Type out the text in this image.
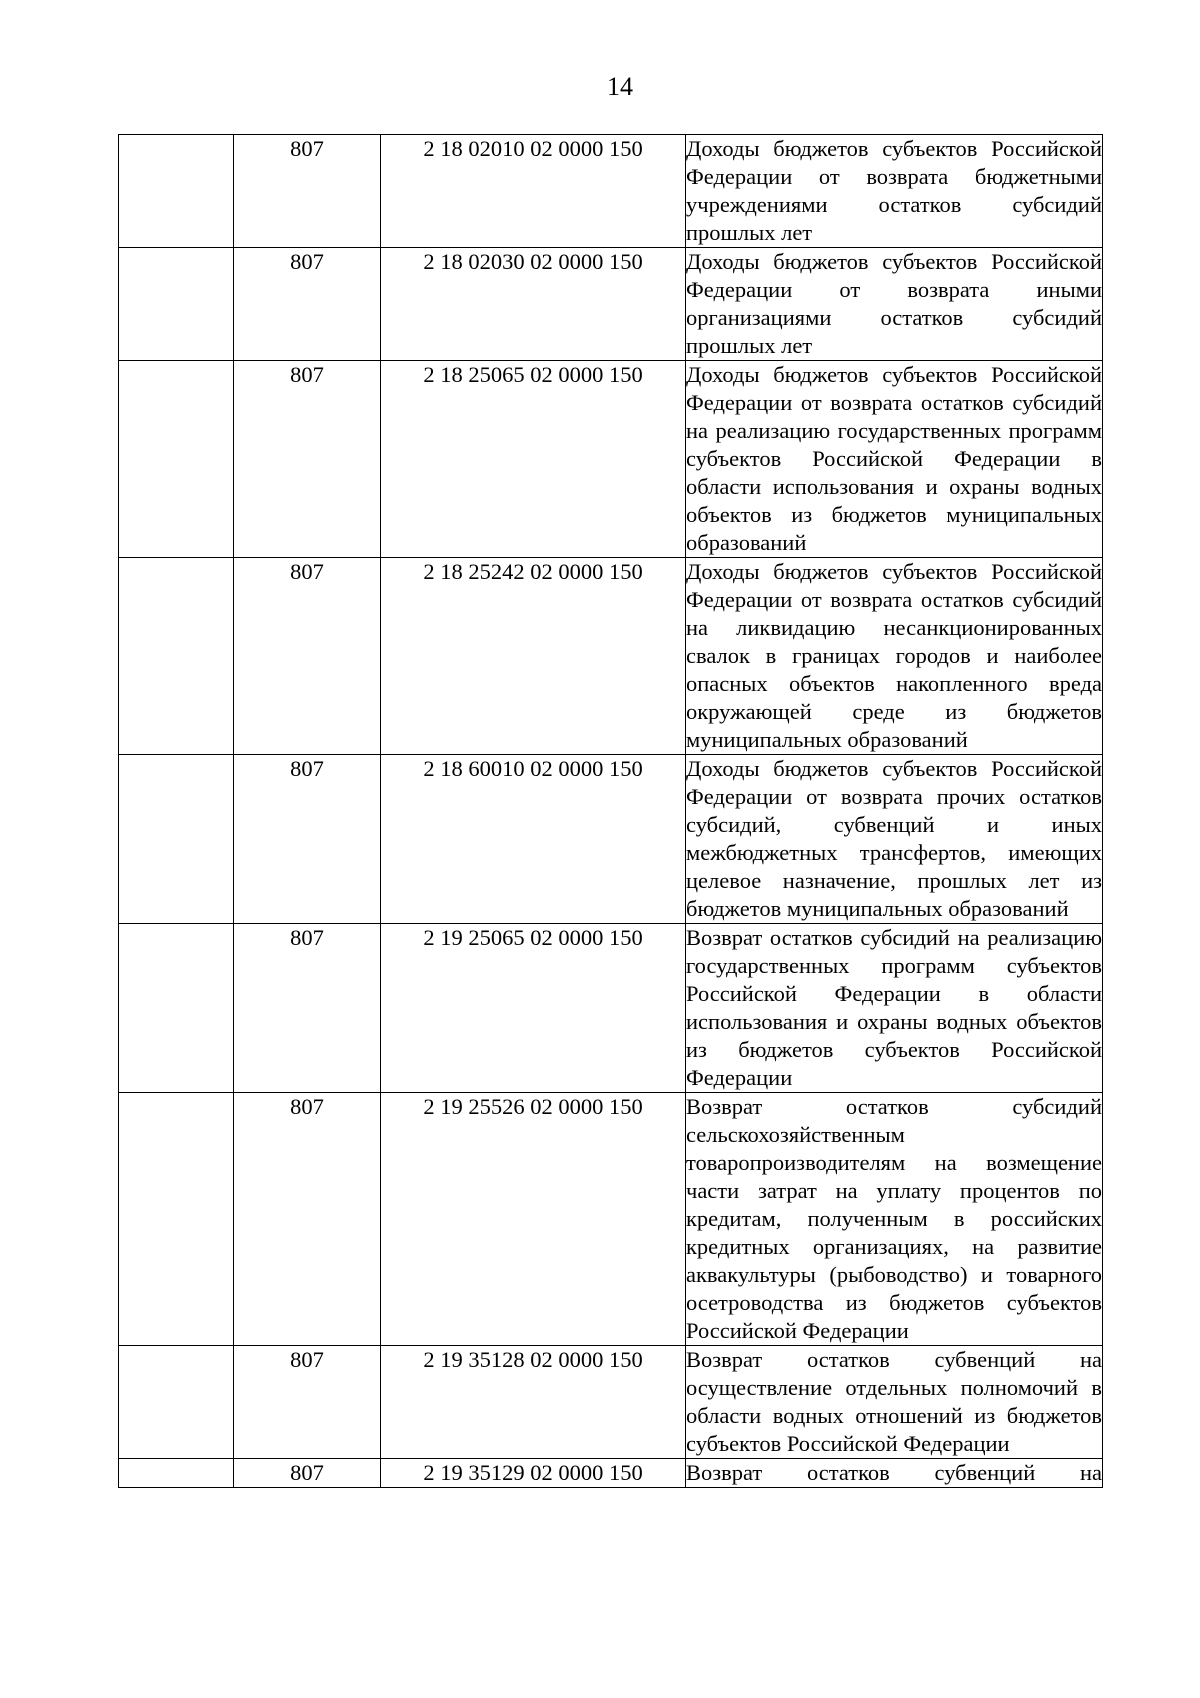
14
	807	2 18 02010 02 0000 150	Доходы бюджетов субъектов Российской Федерации от возврата бюджетными учреждениями остатков субсидий прошлых лет
	807	2 18 02030 02 0000 150	Доходы бюджетов субъектов Российской Федерации от возврата иными организациями остатков субсидий прошлых лет
	807	2 18 25065 02 0000 150	Доходы бюджетов субъектов Российской Федерации от возврата остатков субсидий на реализацию государственных программ субъектов Российской Федерации в области использования и охраны водных объектов из бюджетов муниципальных образований
	807	2 18 25242 02 0000 150	Доходы бюджетов субъектов Российской Федерации от возврата остатков субсидий на ликвидацию несанкционированных свалок в границах городов и наиболее опасных объектов накопленного вреда окружающей среде из бюджетов муниципальных образований
	807	2 18 60010 02 0000 150	Доходы бюджетов субъектов Российской Федерации от возврата прочих остатков субсидий, субвенций и иных межбюджетных трансфертов, имеющих целевое назначение, прошлых лет из бюджетов муниципальных образований
	807	2 19 25065 02 0000 150	Возврат остатков субсидий на реализацию государственных программ субъектов Российской Федерации в области использования и охраны водных объектов из бюджетов субъектов Российской Федерации
	807	2 19 25526 02 0000 150	Возврат остатков субсидий сельскохозяйственным товаропроизводителям на возмещение части затрат на уплату процентов по кредитам, полученным в российских кредитных организациях, на развитие аквакультуры (рыбоводство) и товарного осетроводства из бюджетов субъектов Российской Федерации
	807	2 19 35128 02 0000 150	Возврат остатков субвенций на осуществление отдельных полномочий в области водных отношений из бюджетов субъектов Российской Федерации
	807	2 19 35129 02 0000 150	Возврат остатков субвенций на
